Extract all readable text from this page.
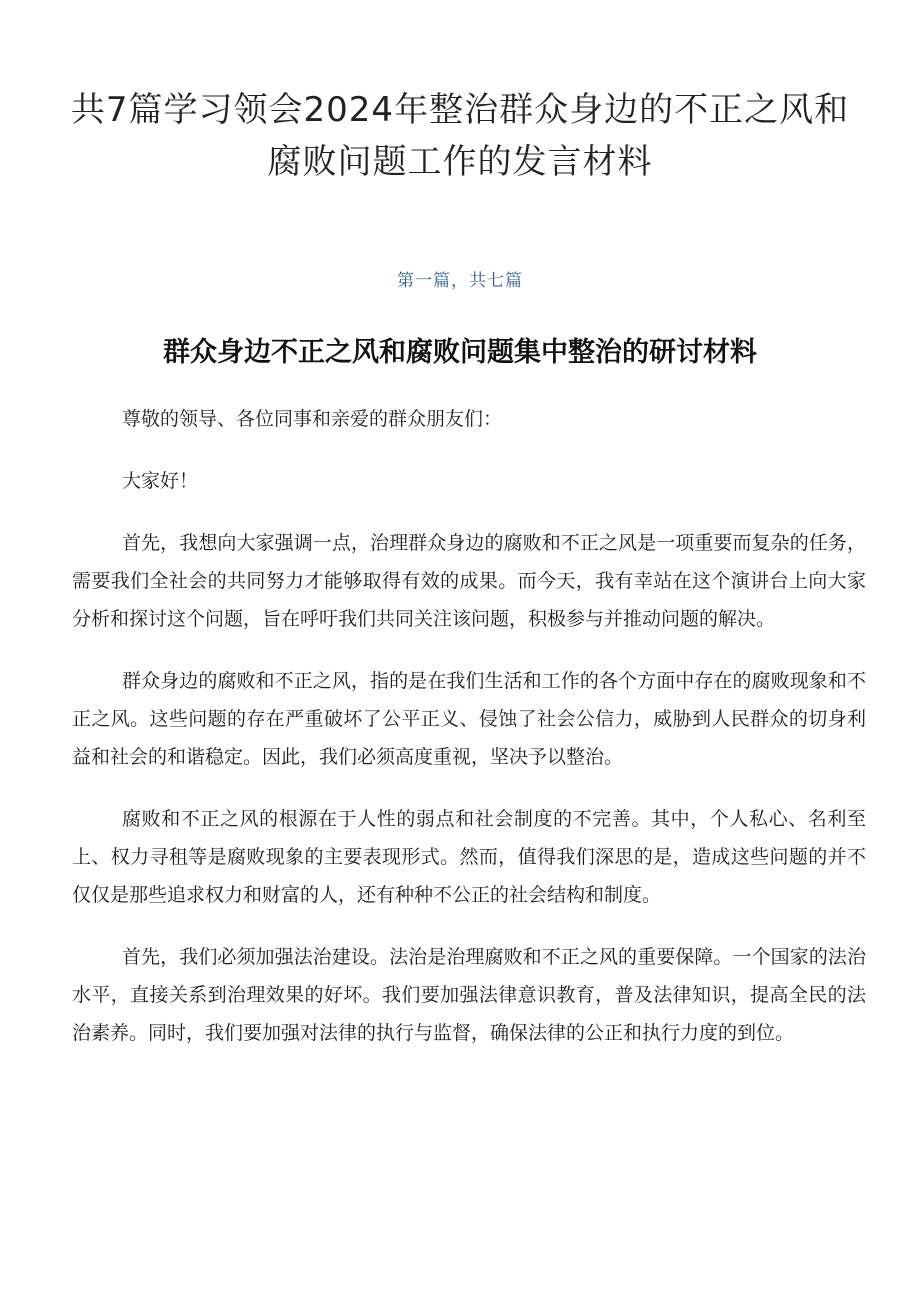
共7篇学习领会2024年整治群众身边的不正之风和
腐败问题工作的发言材料
第一篇，共七篇
群众身边不正之风和腐败问题集中整治的研讨材料

尊敬的领导、各位同事和亲爱的群众朋友们：

大家好！

首先，我想向大家强调一点，治理群众身边的腐败和不正之风是一项重要而复杂的任务，需要我们全社会的共同努力才能够取得有效的成果。而今天，我有幸站在这个演讲台上向大家分析和探讨这个问题，旨在呼吁我们共同关注该问题，积极参与并推动问题的解决。

群众身边的腐败和不正之风，指的是在我们生活和工作的各个方面中存在的腐败现象和不正之风。这些问题的存在严重破坏了公平正义、侵蚀了社会公信力，威胁到人民群众的切身利益和社会的和谐稳定。因此，我们必须高度重视，坚决予以整治。

腐败和不正之风的根源在于人性的弱点和社会制度的不完善。其中，个人私心、名利至上、权力寻租等是腐败现象的主要表现形式。然而，值得我们深思的是，造成这些问题的并不仅仅是那些追求权力和财富的人，还有种种不公正的社会结构和制度。

首先，我们必须加强法治建设。法治是治理腐败和不正之风的重要保障。一个国家的法治水平，直接关系到治理效果的好坏。我们要加强法律意识教育，普及法律知识，提高全民的法治素养。同时，我们要加强对法律的执行与监督，确保法律的公正和执行力度的到位。
